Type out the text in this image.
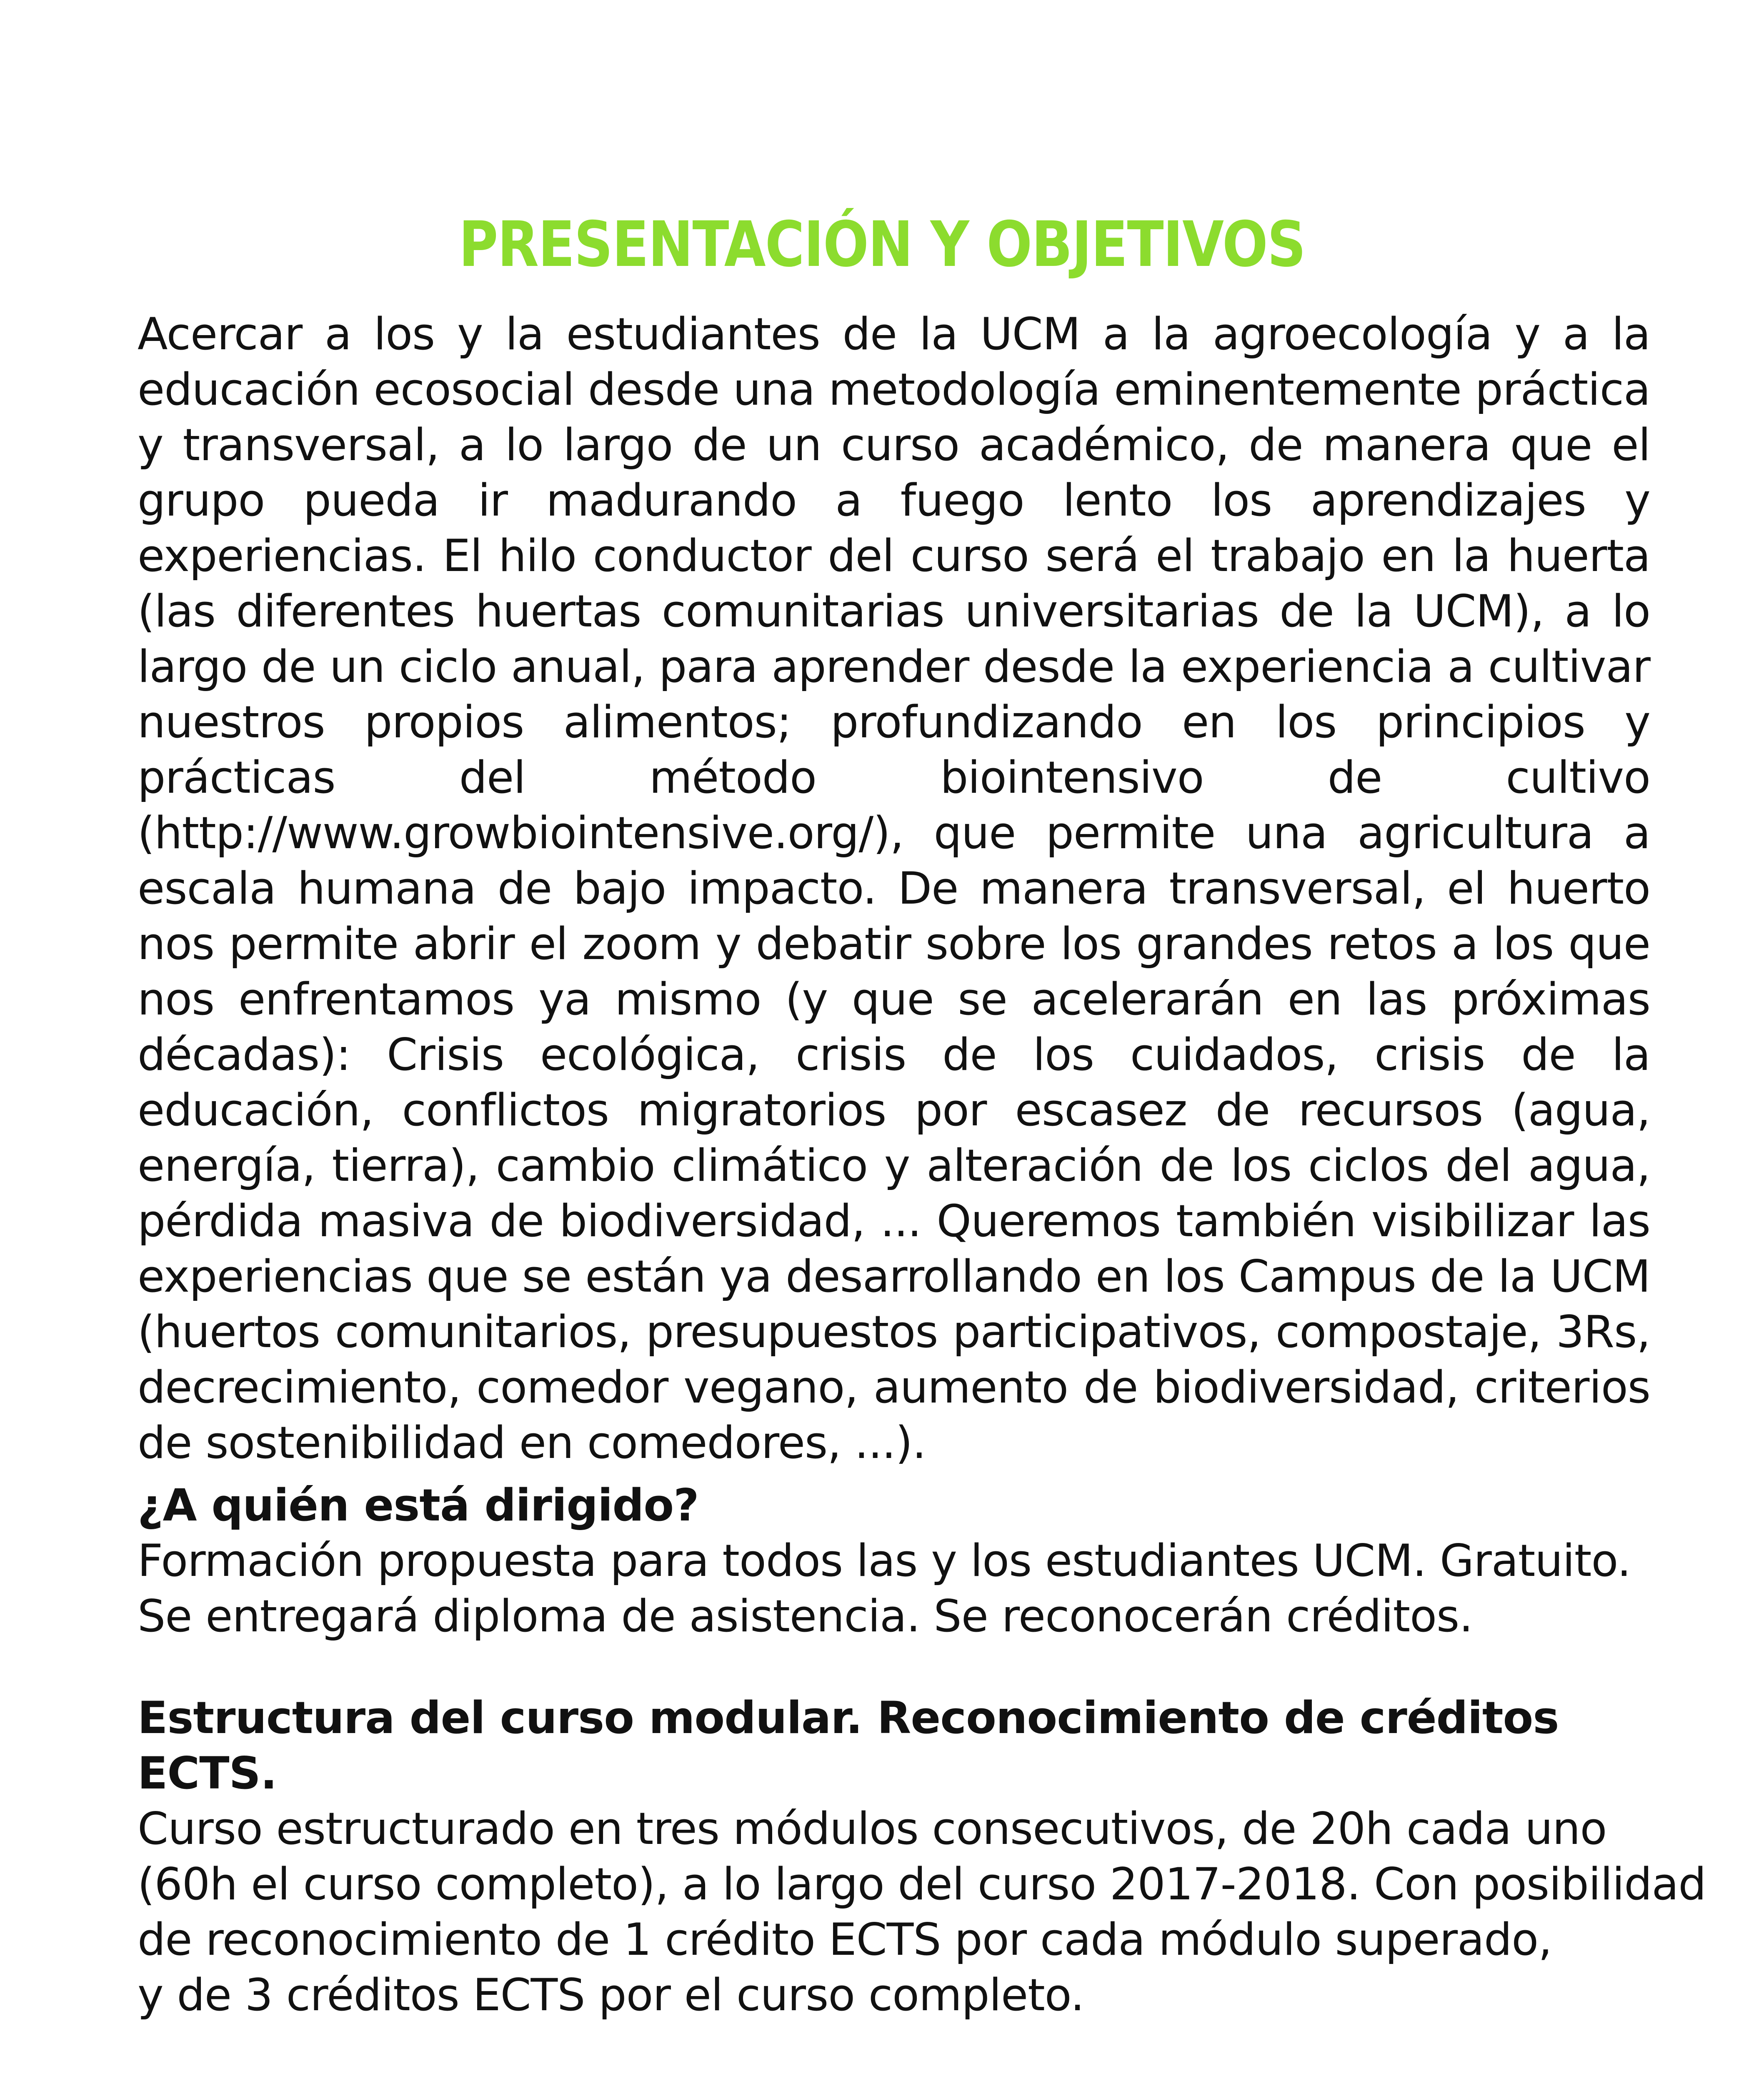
PRESENTACIÓN Y OBJETIVOS
Acercar a los y la estudiantes de la UCM a la agroecología y a la educación ecosocial desde una metodología eminentemente práctica y transversal, a lo largo de un curso académico, de manera que el grupo pueda ir madurando a fuego lento los aprendizajes y experiencias. El hilo conductor del curso será el trabajo en la huerta (las diferentes huertas comunitarias universitarias de la UCM), a lo largo de un ciclo anual, para aprender desde la experiencia a cultivar nuestros propios alimentos; profundizando en los principios y prácticas del método biointensivo de cultivo (http://www.growbiointensive.org/), que permite una agricultura a escala humana de bajo impacto. De manera transversal, el huerto nos permite abrir el zoom y debatir sobre los grandes retos a los que nos enfrentamos ya mismo (y que se acelerarán en las próximas décadas): Crisis ecológica, crisis de los cuidados, crisis de la educación, conflictos migratorios por escasez de recursos (agua, energía, tierra), cambio climático y alteración de los ciclos del agua, pérdida masiva de biodiversidad, ... Queremos también visibilizar las experiencias que se están ya desarrollando en los Campus de la UCM (huertos comunitarios, presupuestos participativos, compostaje, 3Rs, decrecimiento, comedor vegano, aumento de biodiversidad, criterios de sostenibilidad en comedores, ...).

¿A quién está dirigido?

Formación propuesta para todos las y los estudiantes UCM. Gratuito.

Se entregará diploma de asistencia. Se reconocerán créditos.

Estructura del curso modular. Reconocimiento de créditos ECTS.

Curso estructurado en tres módulos consecutivos, de 20h cada uno

(60h el curso completo), a lo largo del curso 2017-2018. Con posibilidad

de reconocimiento de 1 crédito ECTS por cada módulo superado,

y de 3 créditos ECTS por el curso completo.
